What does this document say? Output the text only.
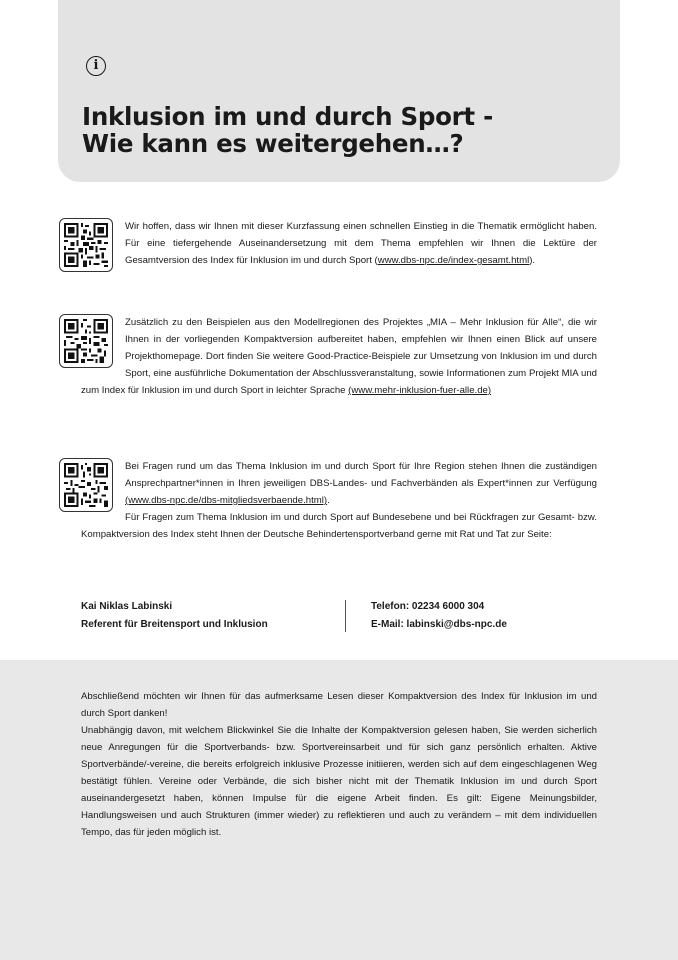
i
Inklusion im und durch Sport -
Wie kann es weitergehen…?

Wir hoffen, dass wir Ihnen mit dieser Kurzfassung einen schnellen Einstieg in die Thematik ermöglicht haben. Für eine tiefergehende Auseinandersetzung mit dem Thema empfehlen wir Ihnen die Lektüre der Gesamtversion des Index für Inklusion im und durch Sport (www.dbs-npc.de/index-gesamt.html).

Zusätzlich zu den Beispielen aus den Modellregionen des Projektes „MIA – Mehr Inklusion für Alle“, die wir Ihnen in der vorliegenden Kompaktversion aufbereitet haben, empfehlen wir Ihnen einen Blick auf unsere Projekthomepage. Dort finden Sie weitere Good-Practice-Beispiele zur Umsetzung von Inklusion im und durch Sport, eine ausführliche Dokumentation der Abschlussveranstaltung, sowie Informationen zum Projekt MIA und zum Index für Inklusion im und durch Sport in leichter Sprache (www.mehr-inklusion-fuer-alle.de)

Bei Fragen rund um das Thema Inklusion im und durch Sport für Ihre Region stehen Ihnen die zuständigen Ansprechpartner*innen in Ihren jeweiligen DBS-Landes- und Fachverbänden als Expert*innen zur Verfügung (www.dbs-npc.de/dbs-mitgliedsverbaende.html).

Für Fragen zum Thema Inklusion im und durch Sport auf Bundesebene und bei Rückfragen zur Gesamt- bzw. Kompaktversion des Index steht Ihnen der Deutsche Behindertensportverband gerne mit Rat und Tat zur Seite:

Kai Niklas Labinski
Referent für Breitensport und Inklusion
Telefon: 02234 6000 304
E-Mail: labinski@dbs-npc.de

Abschließend möchten wir Ihnen für das aufmerksame Lesen dieser Kompaktversion des Index für Inklusion im und durch Sport danken!

Unabhängig davon, mit welchem Blickwinkel Sie die Inhalte der Kompaktversion gelesen haben, Sie werden sicherlich neue Anregungen für die Sportverbands- bzw. Sportvereinsarbeit und für sich ganz persönlich erhalten. Aktive Sportverbände/-vereine, die bereits erfolgreich inklusive Prozesse initiieren, werden sich auf dem eingeschlagenen Weg bestätigt fühlen. Vereine oder Verbände, die sich bisher nicht mit der Thematik Inklusion im und durch Sport auseinandergesetzt haben, können Impulse für die eigene Arbeit finden. Es gilt: Eigene Meinungsbilder, Handlungsweisen und auch Strukturen (immer wieder) zu reflektieren und auch zu verändern – mit dem individuellen Tempo, das für jeden möglich ist.
